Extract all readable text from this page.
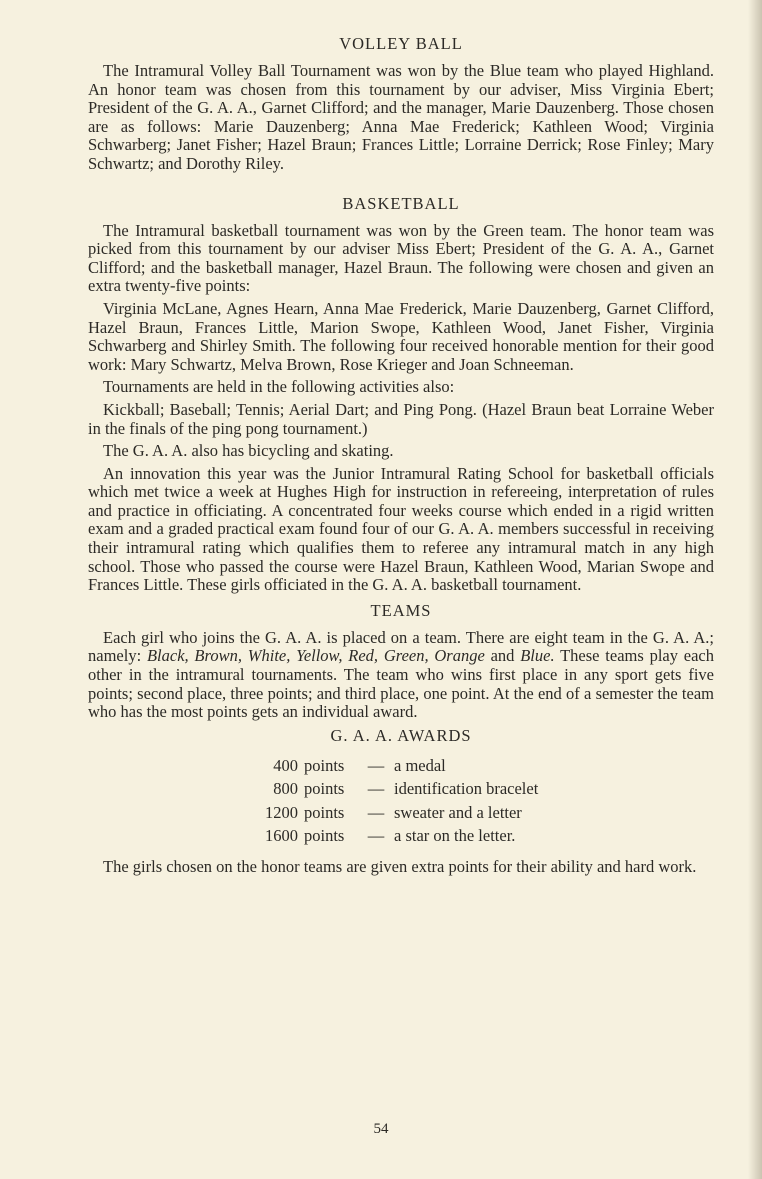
VOLLEY BALL

The Intramural Volley Ball Tournament was won by the Blue team who played Highland. An honor team was chosen from this tournament by our adviser, Miss Virginia Ebert; President of the G. A. A., Garnet Clifford; and the manager, Marie Dauzenberg. Those chosen are as follows: Marie Dauzenberg; Anna Mae Frederick; Kathleen Wood; Virginia Schwarberg; Janet Fisher; Hazel Braun; Frances Little; Lorraine Derrick; Rose Finley; Mary Schwartz; and Dorothy Riley.

BASKETBALL

The Intramural basketball tournament was won by the Green team. The honor team was picked from this tournament by our adviser Miss Ebert; President of the G. A. A., Garnet Clifford; and the basketball manager, Hazel Braun. The following were chosen and given an extra twenty-five points:

Virginia McLane, Agnes Hearn, Anna Mae Frederick, Marie Dauzenberg, Garnet Clifford, Hazel Braun, Frances Little, Marion Swope, Kathleen Wood, Janet Fisher, Virginia Schwarberg and Shirley Smith. The following four received honorable mention for their good work: Mary Schwartz, Melva Brown, Rose Krieger and Joan Schneeman.

Tournaments are held in the following activities also:

Kickball; Baseball; Tennis; Aerial Dart; and Ping Pong. (Hazel Braun beat Lorraine Weber in the finals of the ping pong tournament.)

The G. A. A. also has bicycling and skating.

An innovation this year was the Junior Intramural Rating School for basketball officials which met twice a week at Hughes High for instruction in refereeing, interpretation of rules and practice in officiating. A concentrated four weeks course which ended in a rigid written exam and a graded practical exam found four of our G. A. A. members successful in receiving their intramural rating which qualifies them to referee any intramural match in any high school. Those who passed the course were Hazel Braun, Kathleen Wood, Marian Swope and Frances Little. These girls officiated in the G. A. A. basketball tournament.

TEAMS

Each girl who joins the G. A. A. is placed on a team. There are eight team in the G. A. A.; namely: Black, Brown, White, Yellow, Red, Green, Orange and Blue. These teams play each other in the intramural tournaments. The team who wins first place in any sport gets five points; second place, three points; and third place, one point. At the end of a semester the team who has the most points gets an individual award.

G. A. A. AWARDS
400 points	— a medal
800 points	— identification bracelet
1200 points	— sweater and a letter
1600 points	— a star on the letter.

The girls chosen on the honor teams are given extra points for their ability and hard work.

54
